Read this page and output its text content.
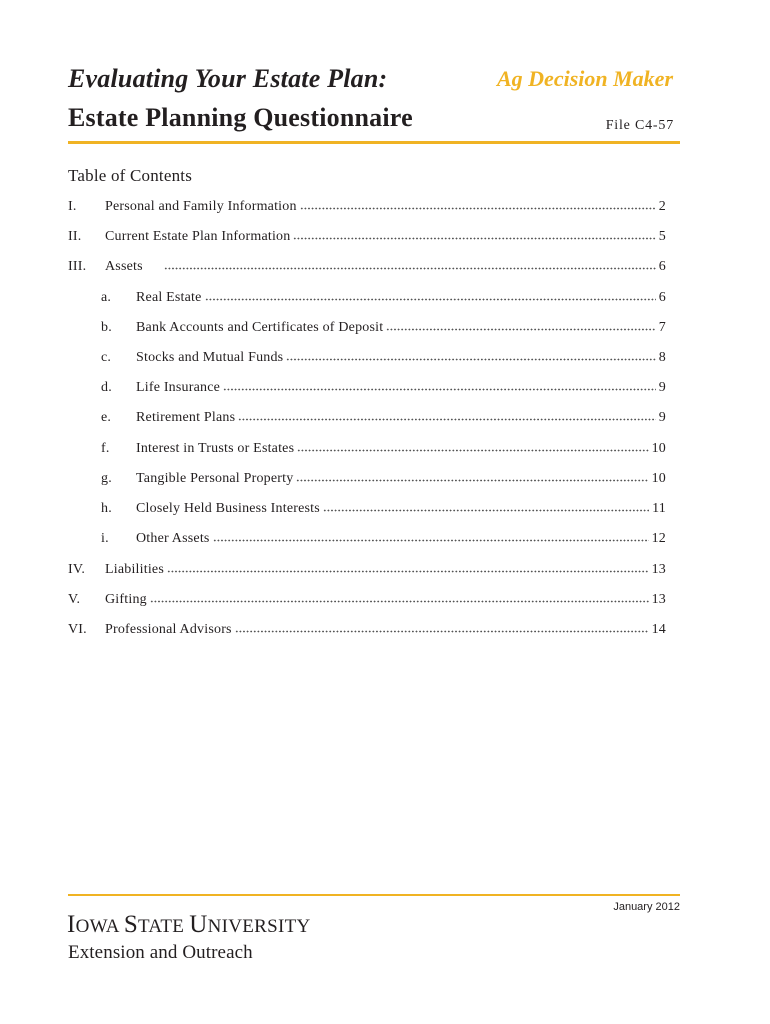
Evaluating Your Estate Plan:
Estate Planning Questionnaire
Ag Decision Maker
File C4-57
Table of Contents
I.	Personal and Family Information	2
II.	Current Estate Plan Information	5
III.	Assets	6
a.	Real Estate	6
b.	Bank Accounts and Certificates of Deposit	7
c.	Stocks and Mutual Funds	8
d.	Life Insurance	9
e.	Retirement Plans	9
f.	Interest in Trusts or Estates	10
g.	Tangible Personal Property	10
h.	Closely Held Business Interests	11
i.	Other Assets	12
IV.	Liabilities	13
V.	Gifting	13
VI.	Professional Advisors	14
January 2012
IOWA STATE UNIVERSITY
Extension and Outreach
